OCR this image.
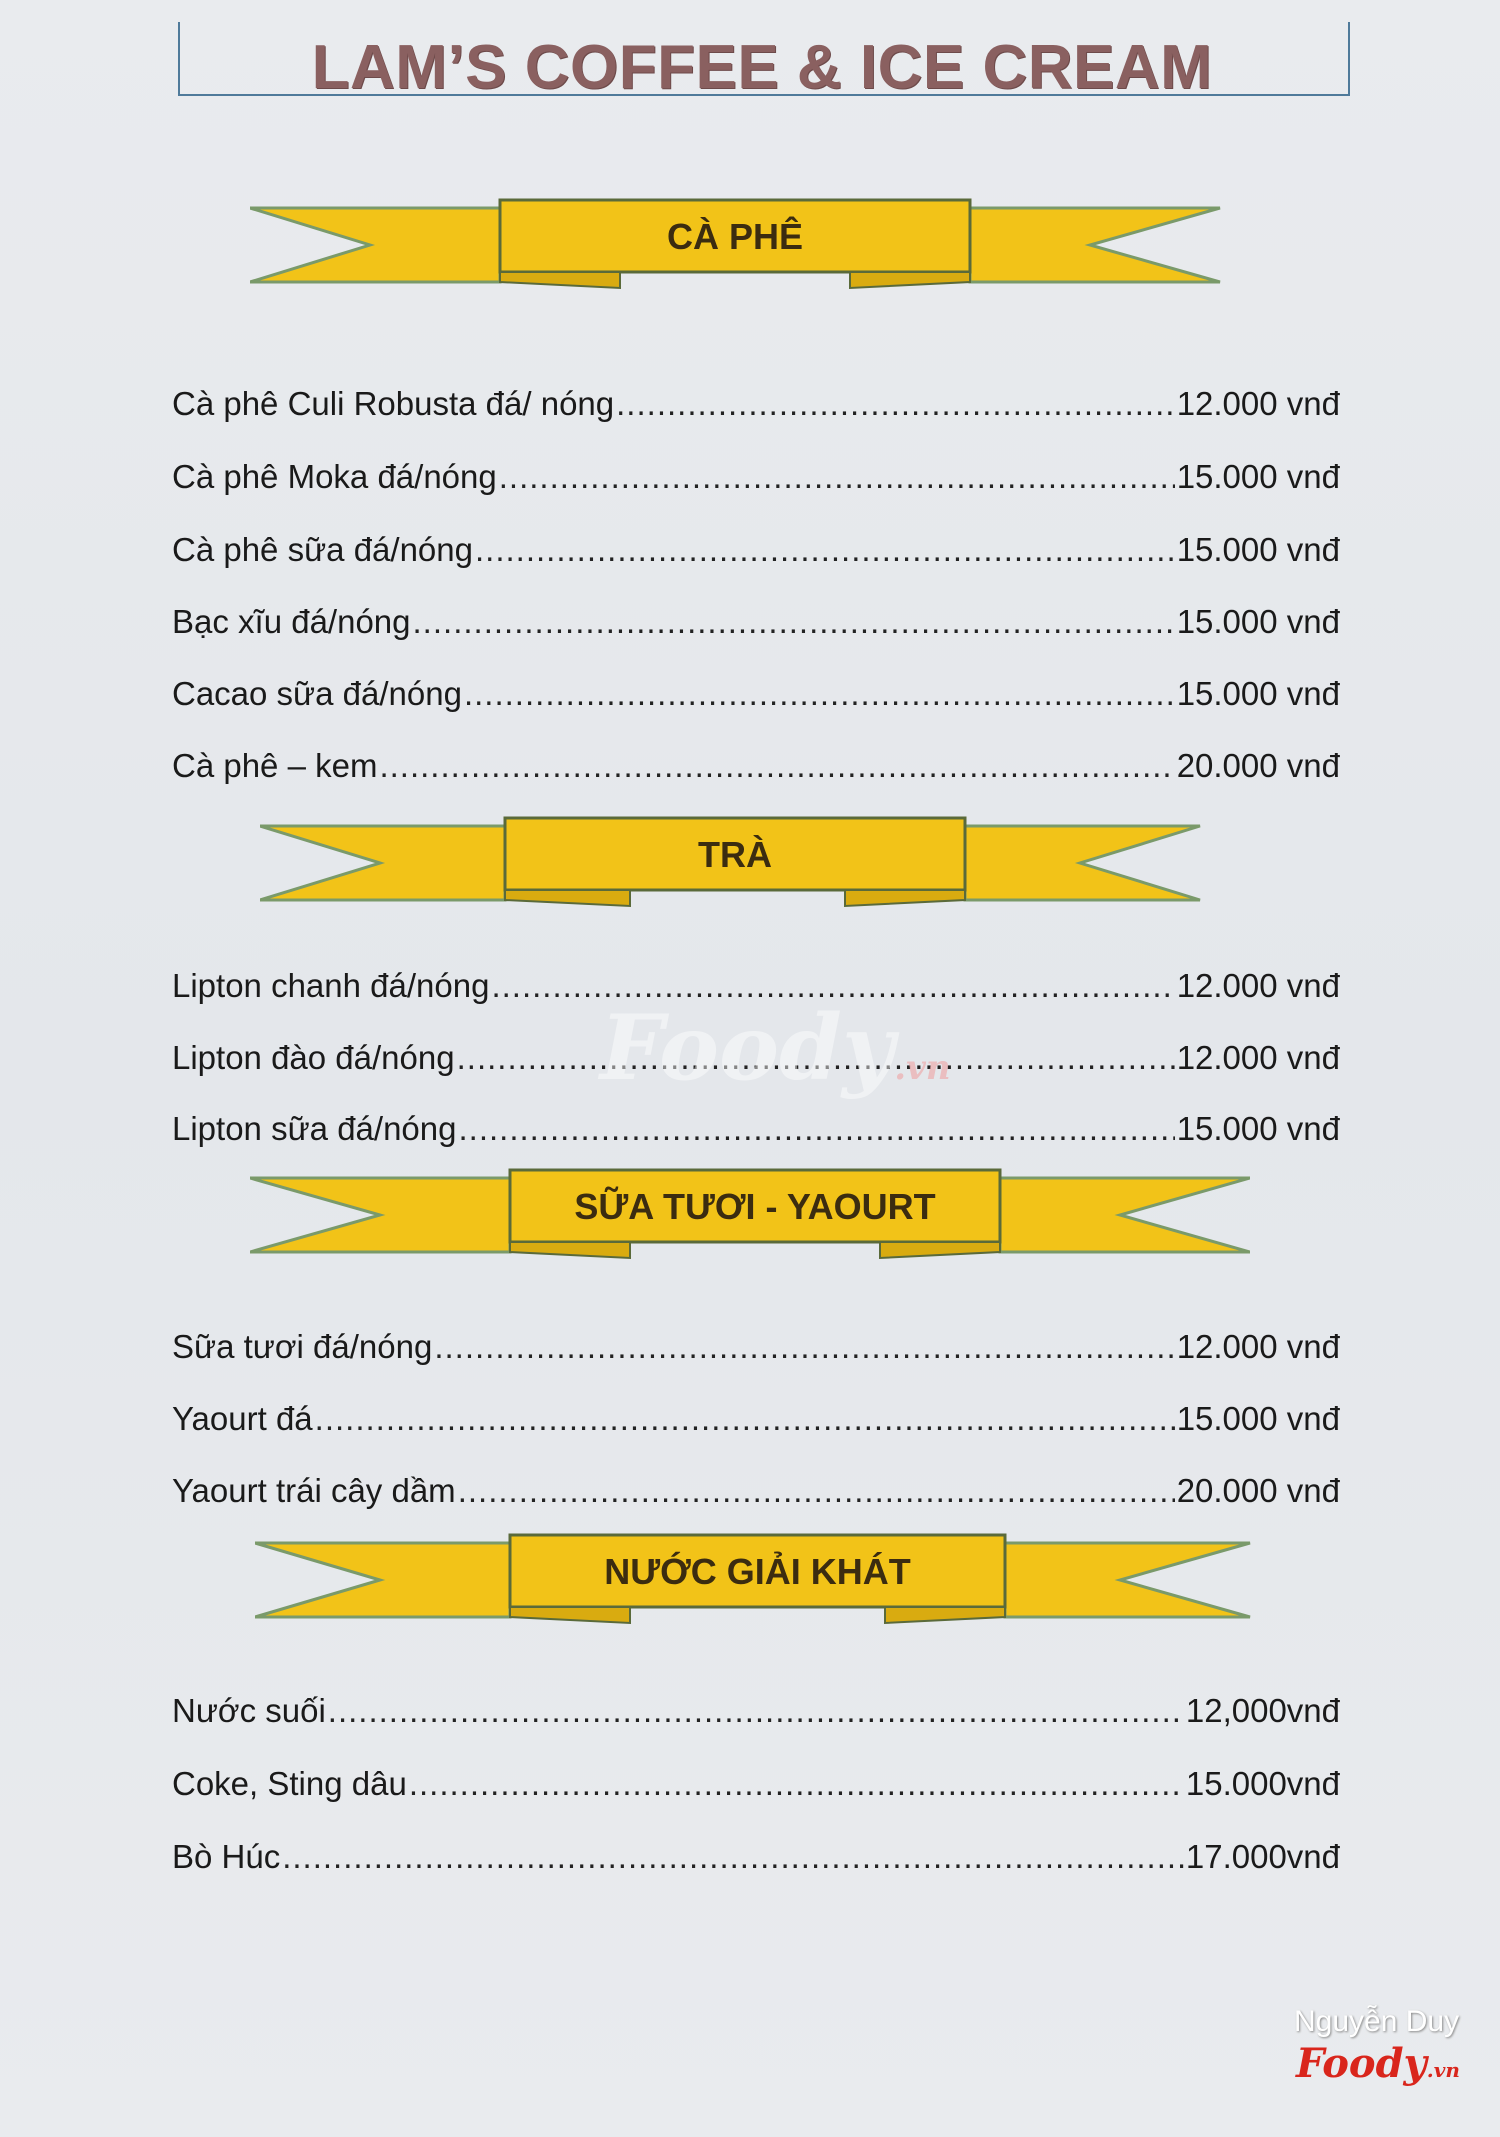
LAM’S COFFEE & ICE CREAM
CÀ PHÊ
Cà phê Culi Robusta đá/ nóng .....	12.000 vnđ
Cà phê Moka đá/nóng .....	15.000 vnđ
Cà phê sữa đá/nóng .....	15.000 vnđ
Bạc xĩu đá/nóng .....	15.000 vnđ
Cacao sữa đá/nóng .....	15.000 vnđ
Cà phê – kem .....	20.000 vnđ
TRÀ
Lipton chanh đá/nóng .....	12.000 vnđ
Lipton đào đá/nóng .....	12.000 vnđ
Lipton sữa đá/nóng .....	15.000 vnđ
SỮA TƯƠI - YAOURT
Sữa tươi đá/nóng .....	12.000 vnđ
Yaourt đá .....	15.000 vnđ
Yaourt trái cây dầm .....	20.000 vnđ
NƯỚC GIẢI KHÁT
Nước suối .....	12,000vnđ
Coke, Sting dâu .....	15.000vnđ
Bò Húc .....	17.000vnđ
Foody.vn
Nguyễn Duy
Foody.vn
